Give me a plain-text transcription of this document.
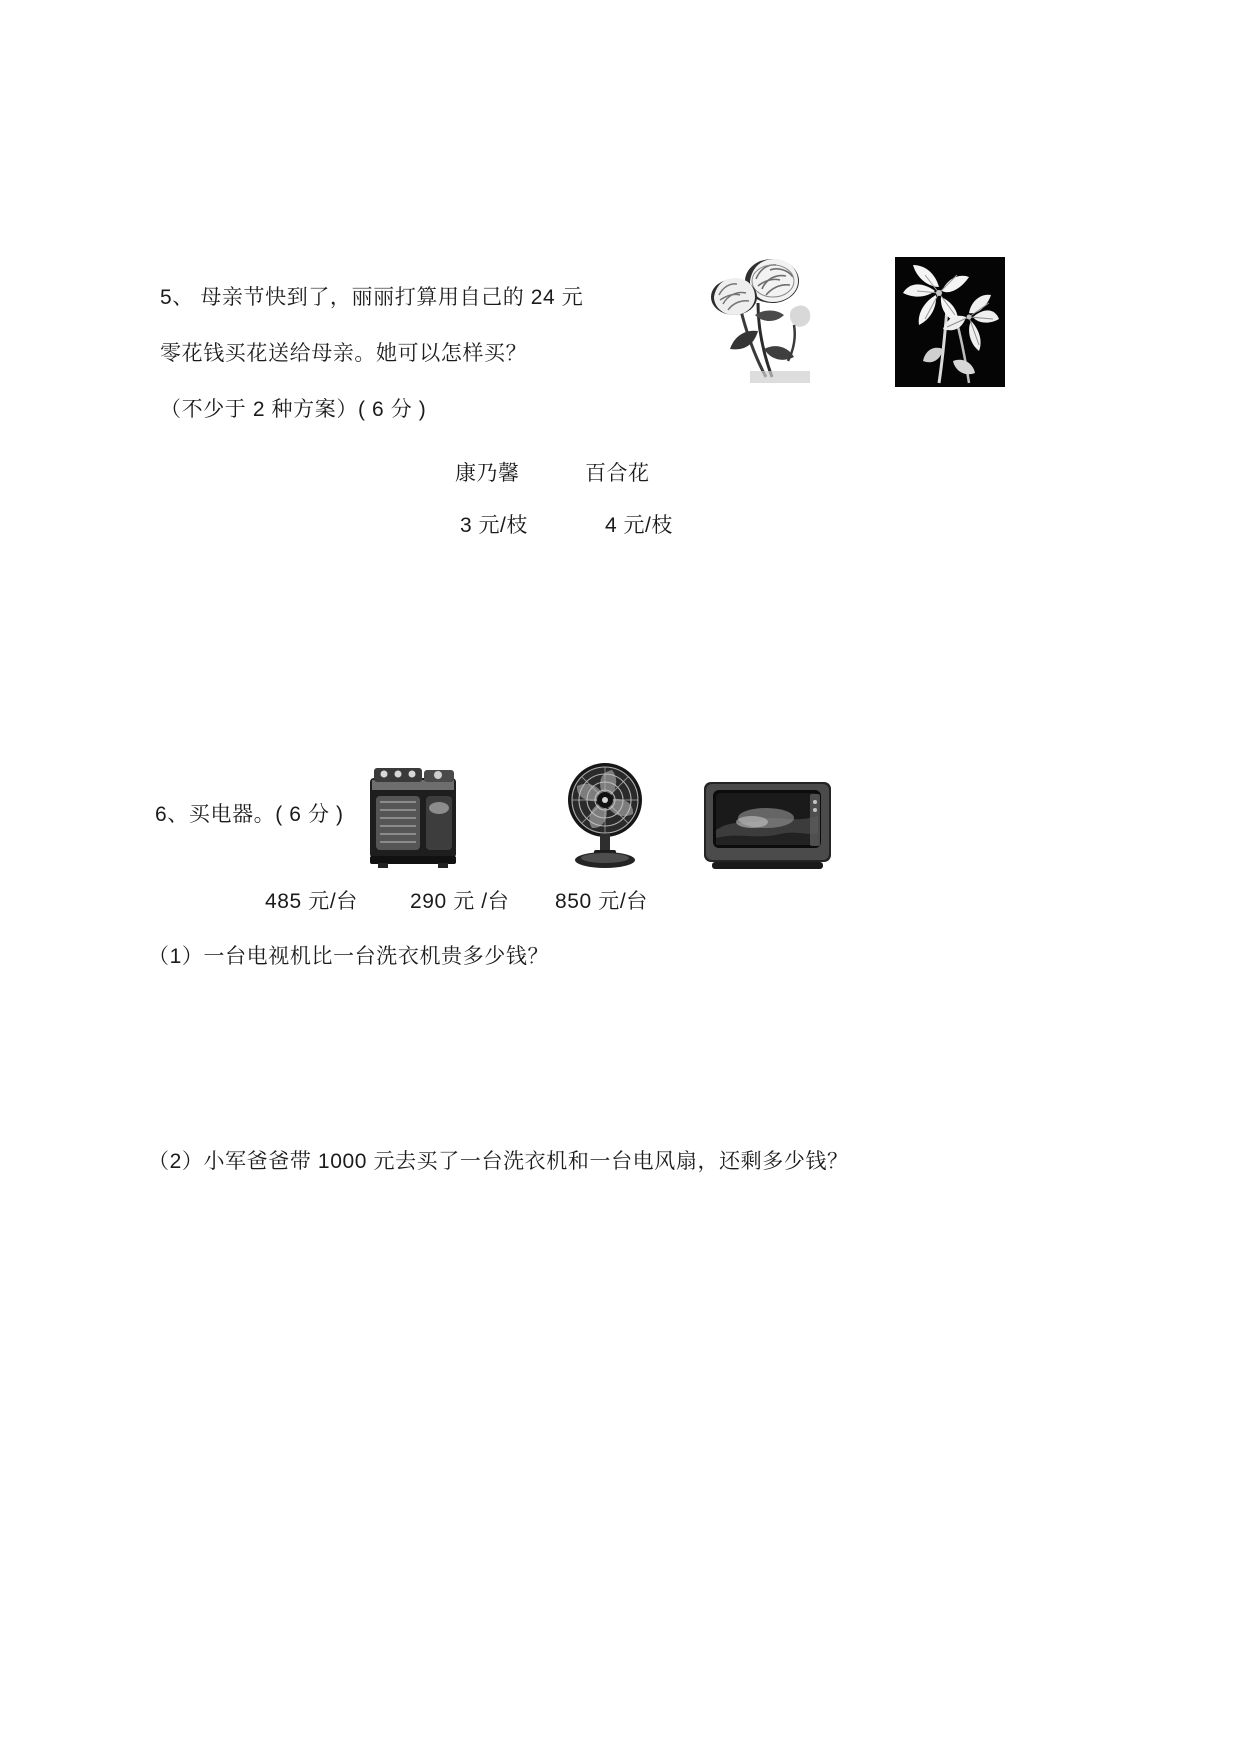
5、 母亲节快到了，丽丽打算用自己的 24 元
零花钱买花送给母亲。她可以怎样买？
（不少于 2 种方案）( 6 分 )
康乃馨	百合花
3 元/枝	4 元/枝
6、买电器。( 6 分 )
485 元/台 290 元 /台 850 元/台
（1）一台电视机比一台洗衣机贵多少钱？
（2）小军爸爸带 1000 元去买了一台洗衣机和一台电风扇，还剩多少钱？
